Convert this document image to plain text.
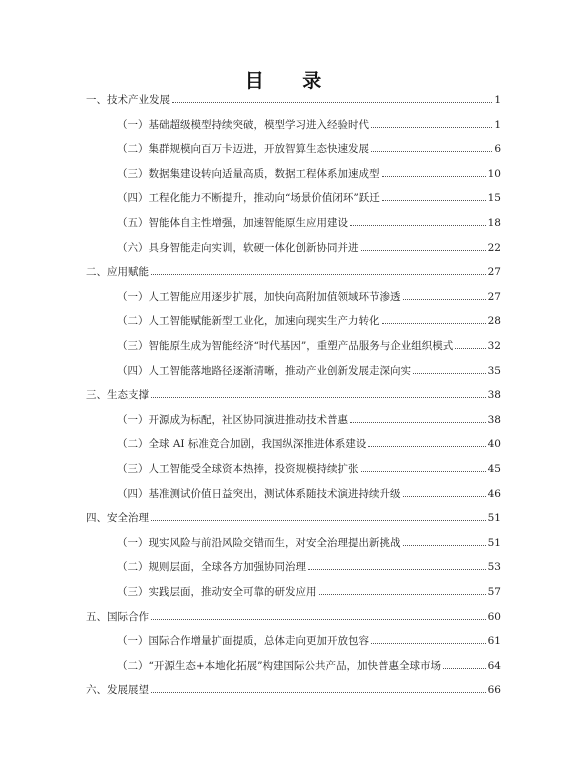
目 录
一、技术产业发展	1
（一）基础超级模型持续突破，模型学习进入经验时代	1
（二）集群规模向百万卡迈进，开放智算生态快速发展	6
（三）数据集建设转向适量高质，数据工程体系加速成型	10
（四）工程化能力不断提升，推动向“场景价值闭环”跃迁	15
（五）智能体自主性增强，加速智能原生应用建设	18
（六）具身智能走向实训，软硬一体化创新协同并进	22
二、应用赋能	27
（一）人工智能应用逐步扩展，加快向高附加值领域环节渗透	27
（二）人工智能赋能新型工业化，加速向现实生产力转化	28
（三）智能原生成为智能经济“时代基因”，重塑产品服务与企业组织模式	32
（四）人工智能落地路径逐渐清晰，推动产业创新发展走深向实	35
三、生态支撑	38
（一）开源成为标配，社区协同演进推动技术普惠	38
（二）全球 AI 标准竞合加剧，我国纵深推进体系建设	40
（三）人工智能受全球资本热捧，投资规模持续扩张	45
（四）基准测试价值日益突出，测试体系随技术演进持续升级	46
四、安全治理	51
（一）现实风险与前沿风险交错而生，对安全治理提出新挑战	51
（二）规则层面，全球各方加强协同治理	53
（三）实践层面，推动安全可靠的研发应用	57
五、国际合作	60
（一）国际合作增量扩面提质，总体走向更加开放包容	61
（二）“开源生态+本地化拓展”构建国际公共产品，加快普惠全球市场	64
六、发展展望	66
